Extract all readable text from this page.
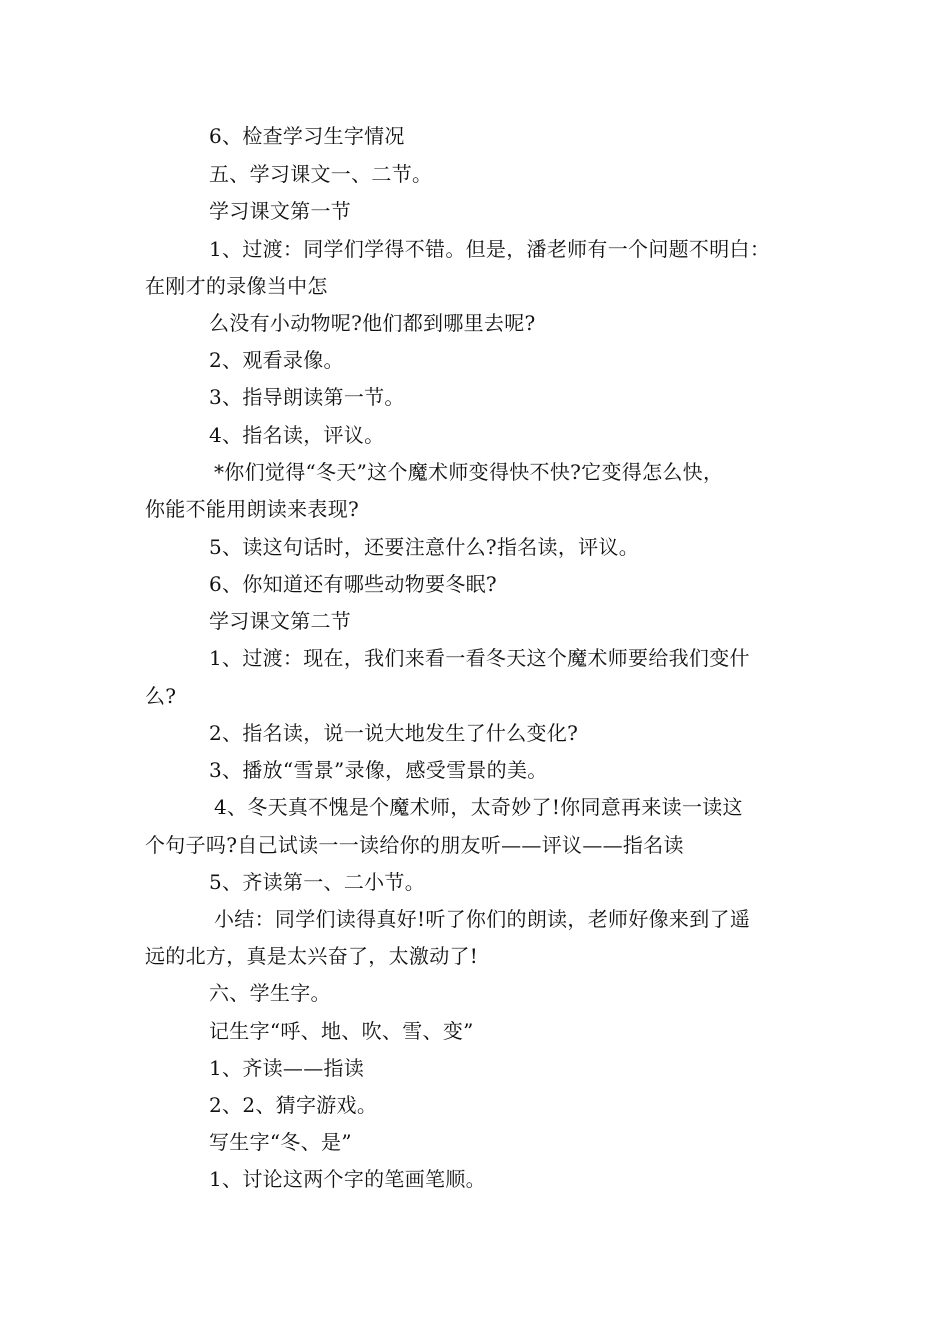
6、检查学习生字情况
五、学习课文一、二节。
学习课文第一节
1、过渡：同学们学得不错。但是，潘老师有一个问题不明白：
在刚才的录像当中怎
么没有小动物呢?他们都到哪里去呢?
2、观看录像。
3、指导朗读第一节。
4、指名读，评议。
*你们觉得“冬天”这个魔术师变得快不快?它变得怎么快，
你能不能用朗读来表现?
5、读这句话时，还要注意什么?指名读，评议。
6、你知道还有哪些动物要冬眠?
学习课文第二节
1、过渡：现在，我们来看一看冬天这个魔术师要给我们变什
么?
2、指名读，说一说大地发生了什么变化?
3、播放“雪景”录像，感受雪景的美。
4、冬天真不愧是个魔术师，太奇妙了!你同意再来读一读这
个句子吗?自己试读一一读给你的朋友听——评议——指名读
5、齐读第一、二小节。
小结：同学们读得真好!听了你们的朗读，老师好像来到了遥
远的北方，真是太兴奋了，太激动了!
六、学生字。
记生字“呼、地、吹、雪、变”
1、齐读——指读
2、2、猜字游戏。
写生字“冬、是”
1、讨论这两个字的笔画笔顺。
